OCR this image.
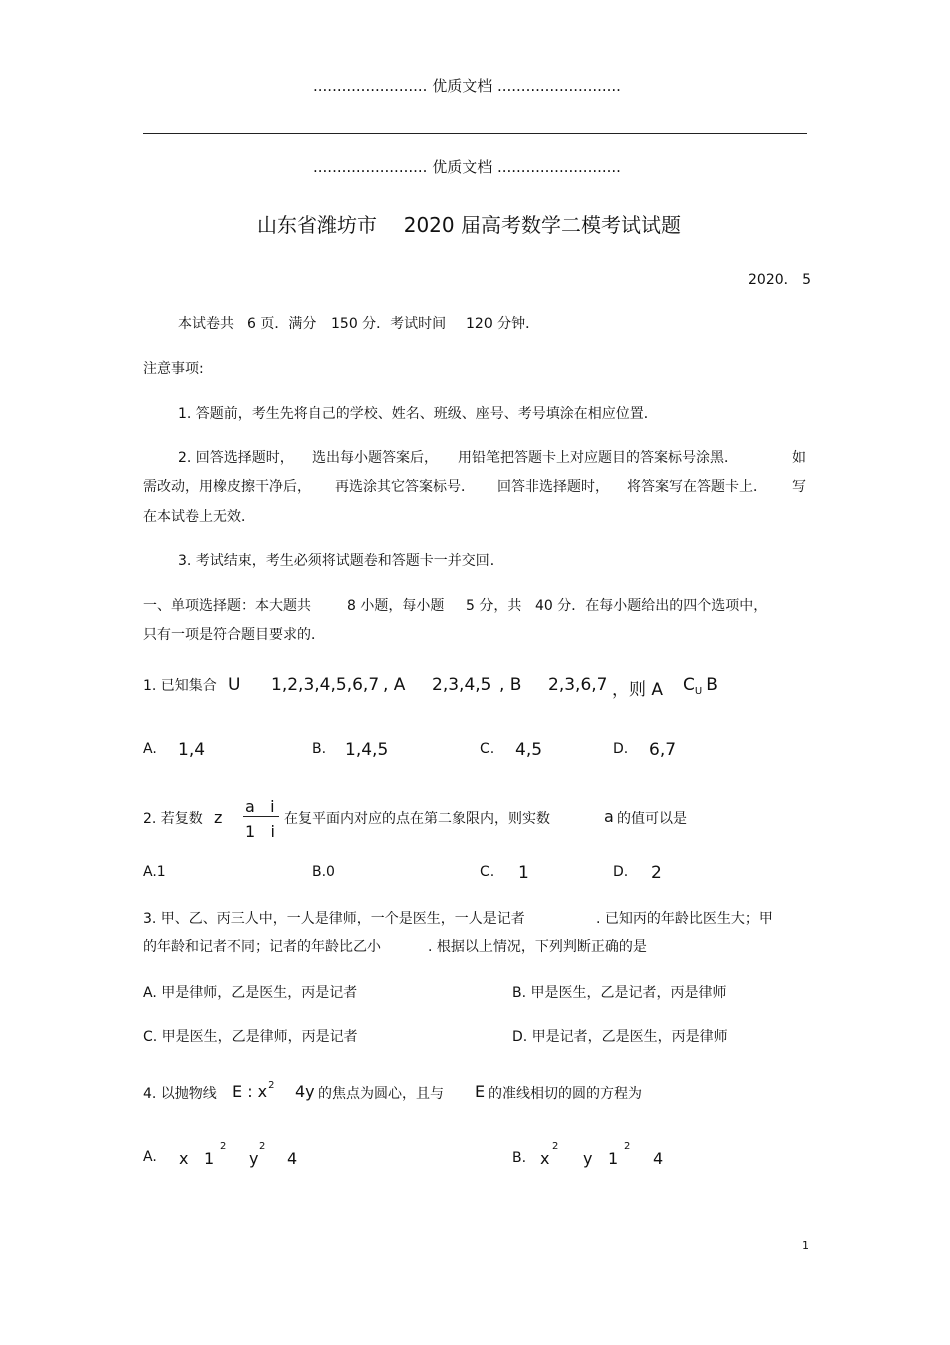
........................ 优质文档 ..........................
........................ 优质文档 ..........................
山东省潍坊市 2020 届高考数学二模考试试题
2020． 5
本试卷共 6 页．满分 150 分．考试时间 120 分钟．
注意事项:
1. 答题前，考生先将自己的学校、姓名、班级、座号、考号填涂在相应位置．
2. 回答选择题时， 选出每小题答案后， 用铅笔把答题卡上对应题目的答案标号涂黑．	如
需改动，用橡皮擦干净后， 再选涂其它答案标号． 回答非选择题时， 将答案写在答题卡上． 写
在本试卷上无效．
3. 考试结束，考生必须将试题卷和答题卡一并交回．
一、单项选择题：本大题共	8 小题，每小题 5 分，共 40 分．在每小题给出的四个选项中，
只有一项是符合题目要求的．
1. 已知集合 U 1,2,3,4,5,6,7 , A 2,3,4,5 , B 2,3,6,7 ，则 A $C_U$ B
A. 1,4	B. 1,4,5	C. 4,5	D. 6,7
2. 若复数 z
a   i
1   i
在复平面内对应的点在第二象限内，则实数	a 的值可以是
A.1	B.0	C. 1	D. 2
3. 甲、乙、丙三人中，一人是律师，一个是医生，一人是记者	. 已知丙的年龄比医生大；甲
的年龄和记者不同；记者的年龄比乙小	. 根据以上情况，下列判断正确的是
A. 甲是律师，乙是医生，丙是记者	B. 甲是医生，乙是记者，丙是律师
C. 甲是医生，乙是律师，丙是记者	D. 甲是记者，乙是医生，丙是律师
4. 以抛物线 E : $x^2$ 4y 的焦点为圆心，且与 E 的准线相切的圆的方程为
A. x 1
2
y
2
4	B. x
2
y 1
2
4
1
